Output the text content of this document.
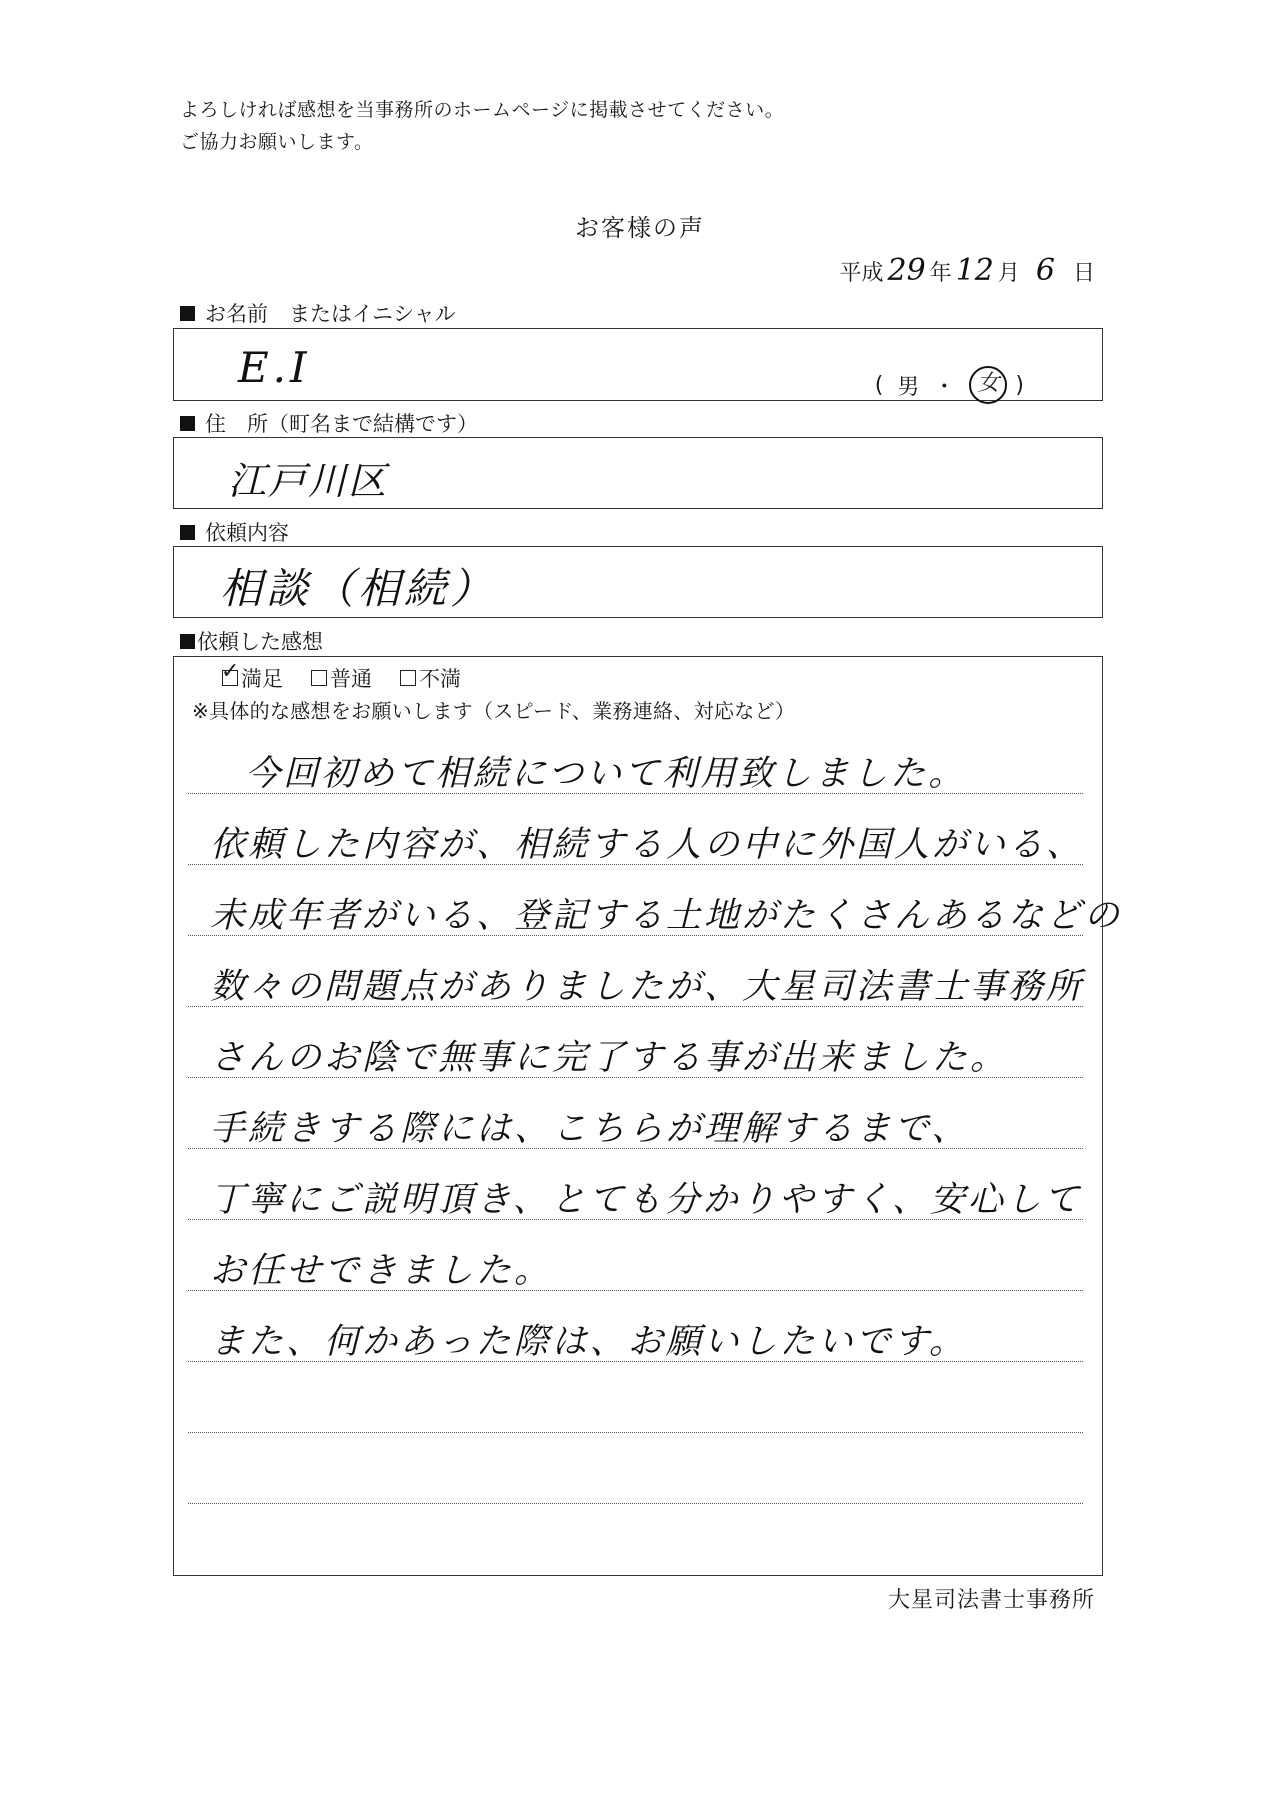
よろしければ感想を当事務所のホームページに掲載させてください。
ご協力お願いします。
お客様の声
平成 29 年 12 月 6 日
お名前　またはイニシャル
E.I	( 男 ・ 女 )
住　所（町名まで結構です）
江戸川区
依頼内容
相談（相続）
依頼した感想
✓ 満足 普通 不満
※具体的な感想をお願いします（スピード、業務連絡、対応など）
今回初めて相続について利用致しました。
依頼した内容が、相続する人の中に外国人がいる、
未成年者がいる、登記する土地がたくさんあるなどの
数々の問題点がありましたが、大星司法書士事務所
さんのお陰で無事に完了する事が出来ました。
手続きする際には、こちらが理解するまで、
丁寧にご説明頂き、とても分かりやすく、安心して
お任せできました。
また、何かあった際は、お願いしたいです。
大星司法書士事務所
